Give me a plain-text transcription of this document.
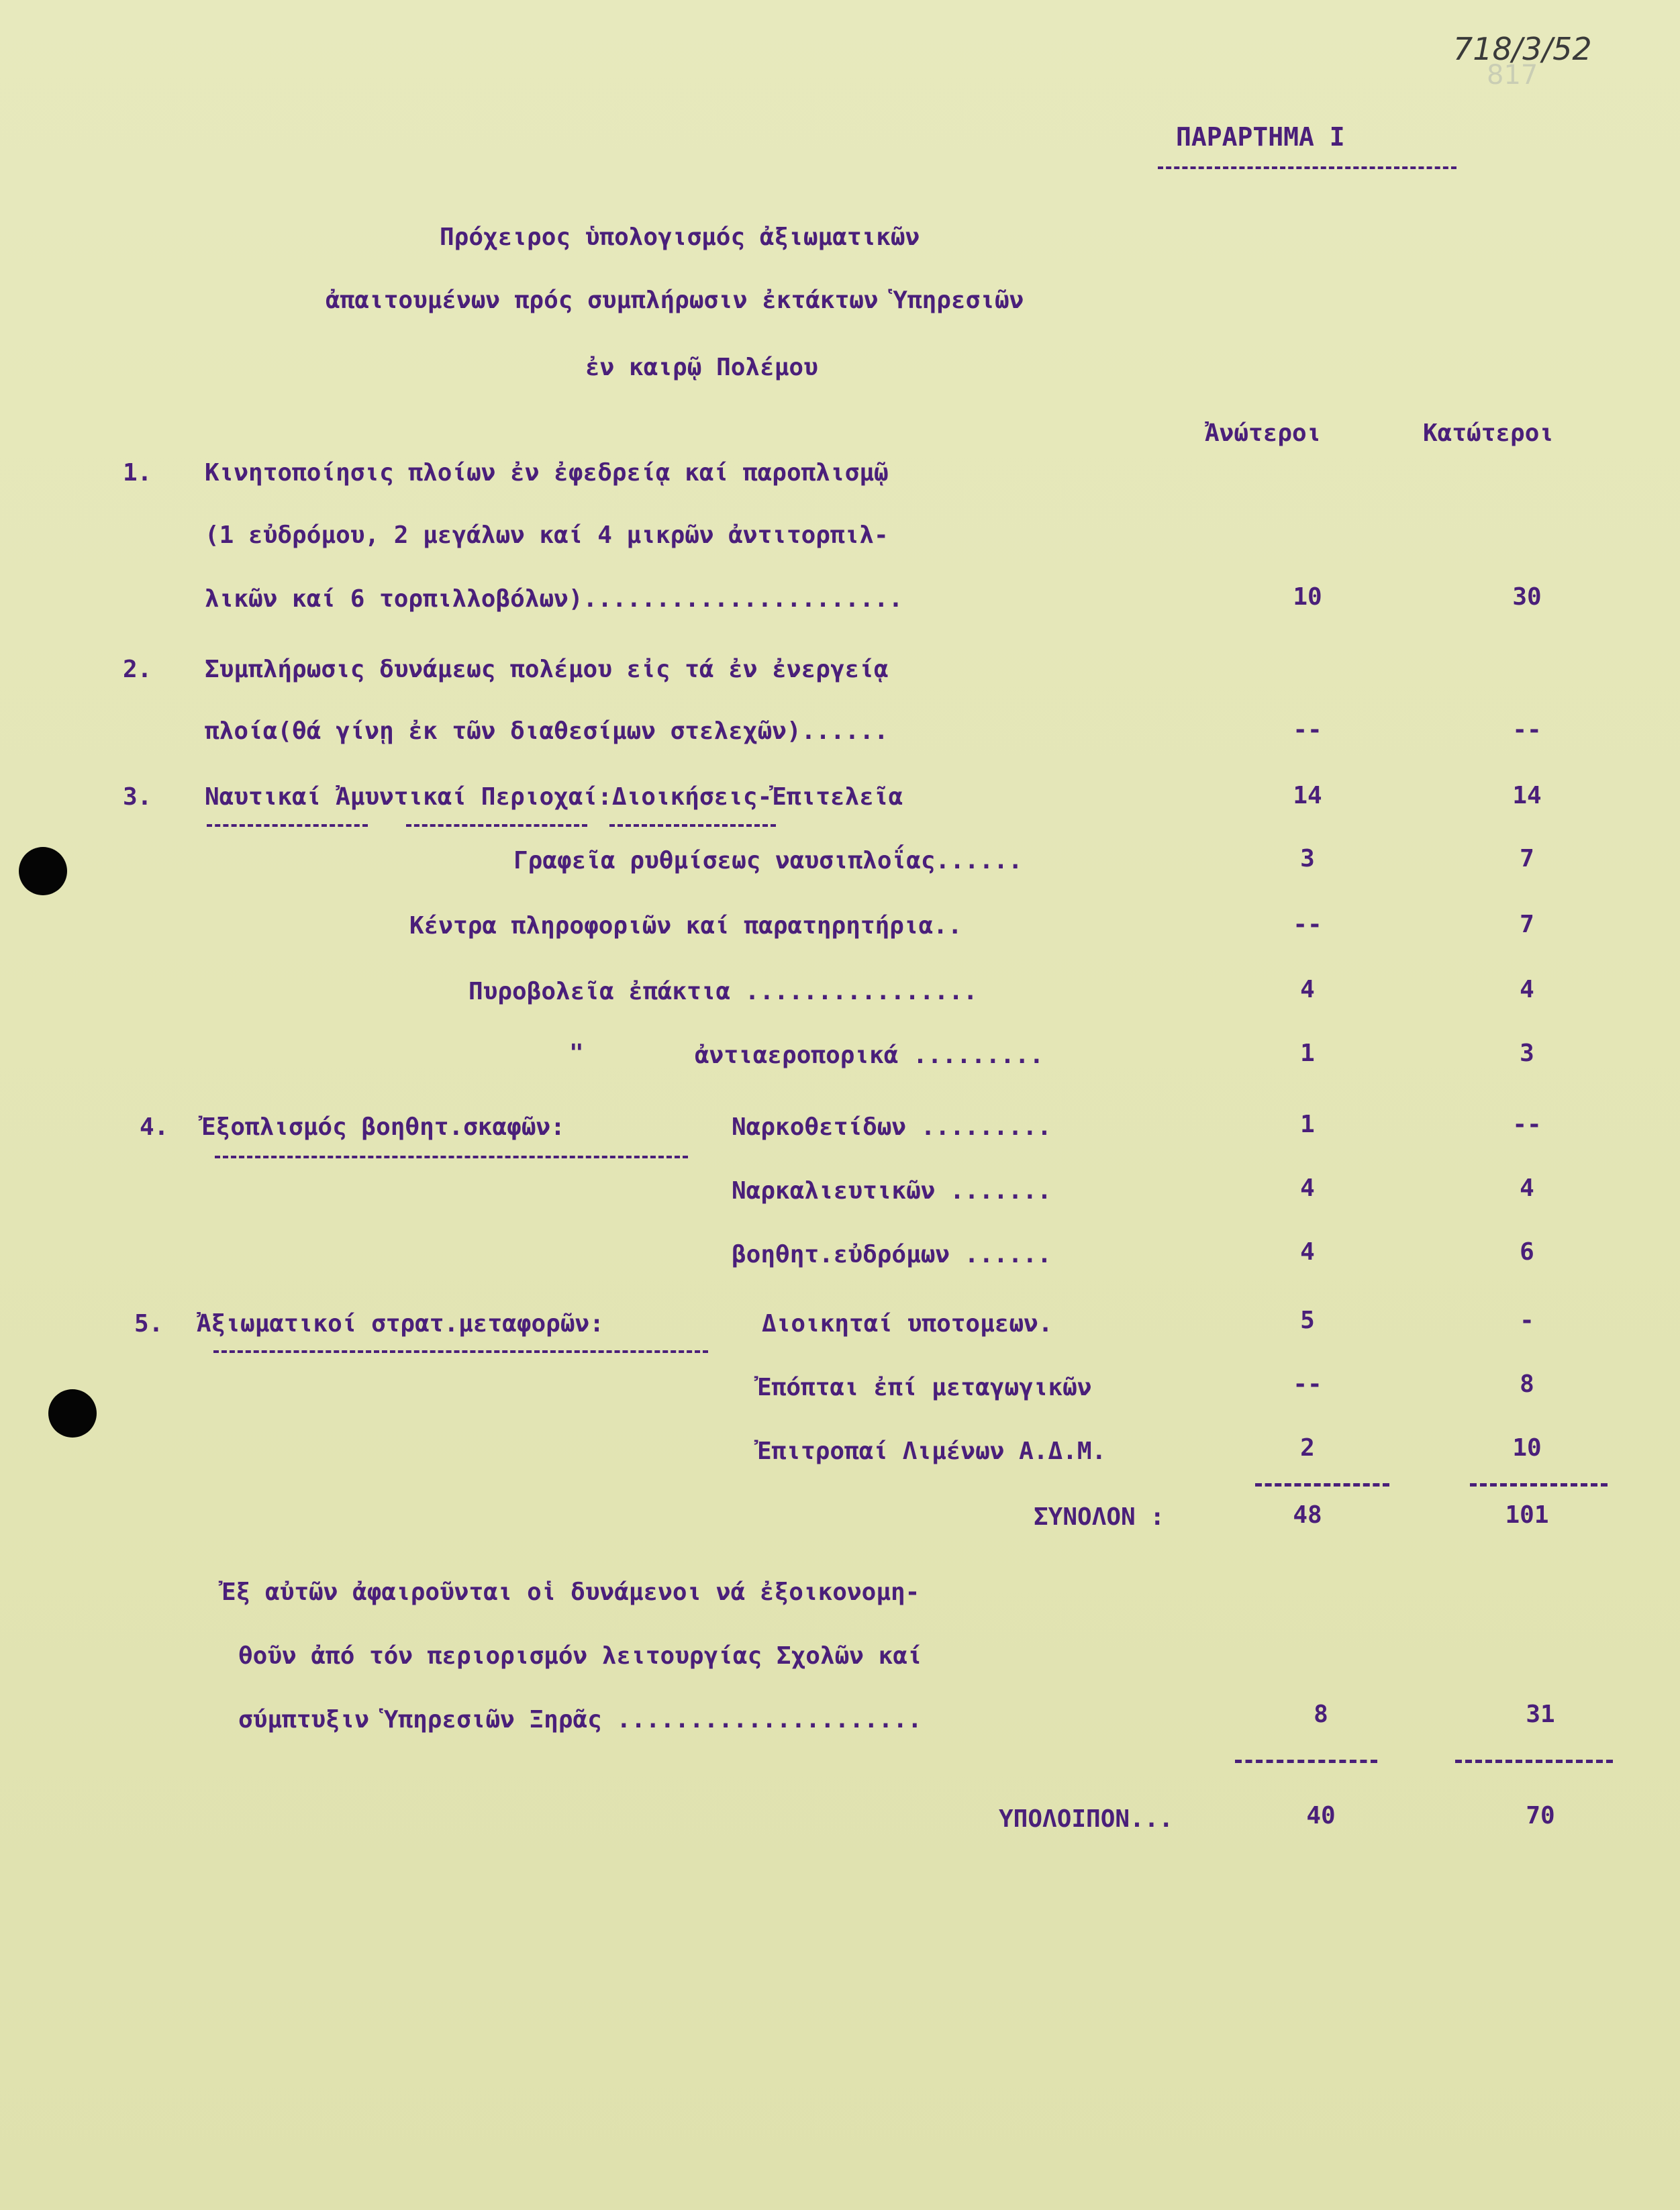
817
718/3/52
ΠΑΡΑΡΤΗΜΑ Ι
Πρόχειρος ὑπολογισμός ἀξιωματικῶν
ἀπαιτουμένων πρός συμπλήρωσιν ἐκτάκτων Ὑπηρεσιῶν
ἐν καιρῷ Πολέμου
Ἀνώτεροι	Κατώτεροι
1. Κινητοποίησις πλοίων ἐν ἐφεδρείᾳ καί παροπλισμῷ
(1 εὐδρόμου, 2 μεγάλων καί 4 μικρῶν ἀντιτορπιλ-
λικῶν καί 6 τορπιλλοβόλων)......................	10	30
2. Συμπλήρωσις δυνάμεως πολέμου εἰς τά ἐν ἐνεργείᾳ
πλοία(θά γίνῃ ἐκ τῶν διαθεσίμων στελεχῶν)......	--	--
3. Ναυτικαί Ἀμυντικαί Περιοχαί:Διοικήσεις-Ἐπιτελεῖα	14	14
Γραφεῖα ρυθμίσεως ναυσιπλοΐας......	3	7
Κέντρα πληροφοριῶν καί παρατηρητήρια..	--	7
Πυροβολεῖα ἐπάκτια ................	4	4
"	ἀντιαεροπορικά .........	1	3
4. Ἐξοπλισμός βοηθητ.σκαφῶν:	Ναρκοθετίδων .........	1	--
Ναρκαλιευτικῶν .......	4	4
βοηθητ.εὐδρόμων ......	4	6
5. Ἀξιωματικοί στρατ.μεταφορῶν:	Διοικηταί υποτομεων.	5	-
Ἐπόπται ἐπί μεταγωγικῶν	--	8
Ἐπιτροπαί Λιμένων Α.Δ.Μ.	2	10
ΣΥΝΟΛΟΝ :	48	101
Ἐξ αὐτῶν ἀφαιροῦνται οἱ δυνάμενοι νά ἐξοικονομη-
θοῦν ἀπό τόν περιορισμόν λειτουργίας Σχολῶν καί
σύμπτυξιν Ὑπηρεσιῶν Ξηρᾶς .....................	8	31
ΥΠΟΛΟΙΠΟΝ...	40	70
